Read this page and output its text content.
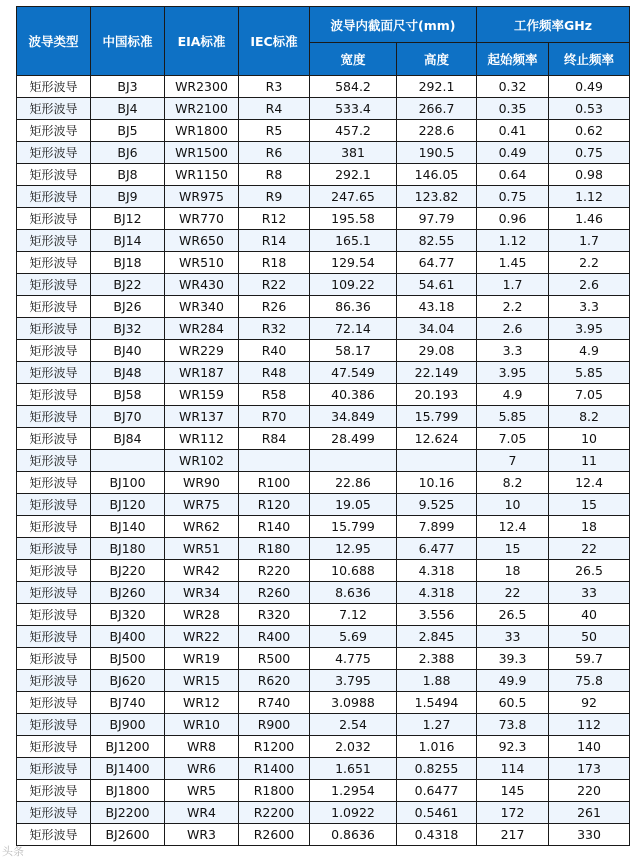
波导类型	中国标准	EIA标准	IEC标准	波导内截面尺寸(mm)		工作频率GHz	
				宽度	高度	起始频率	终止频率
矩形波导	BJ3	WR2300	R3	584.2	292.1	0.32	0.49
矩形波导	BJ4	WR2100	R4	533.4	266.7	0.35	0.53
矩形波导	BJ5	WR1800	R5	457.2	228.6	0.41	0.62
矩形波导	BJ6	WR1500	R6	381	190.5	0.49	0.75
矩形波导	BJ8	WR1150	R8	292.1	146.05	0.64	0.98
矩形波导	BJ9	WR975	R9	247.65	123.82	0.75	1.12
矩形波导	BJ12	WR770	R12	195.58	97.79	0.96	1.46
矩形波导	BJ14	WR650	R14	165.1	82.55	1.12	1.7
矩形波导	BJ18	WR510	R18	129.54	64.77	1.45	2.2
矩形波导	BJ22	WR430	R22	109.22	54.61	1.7	2.6
矩形波导	BJ26	WR340	R26	86.36	43.18	2.2	3.3
矩形波导	BJ32	WR284	R32	72.14	34.04	2.6	3.95
矩形波导	BJ40	WR229	R40	58.17	29.08	3.3	4.9
矩形波导	BJ48	WR187	R48	47.549	22.149	3.95	5.85
矩形波导	BJ58	WR159	R58	40.386	20.193	4.9	7.05
矩形波导	BJ70	WR137	R70	34.849	15.799	5.85	8.2
矩形波导	BJ84	WR112	R84	28.499	12.624	7.05	10
矩形波导		WR102				7	11
矩形波导	BJ100	WR90	R100	22.86	10.16	8.2	12.4
矩形波导	BJ120	WR75	R120	19.05	9.525	10	15
矩形波导	BJ140	WR62	R140	15.799	7.899	12.4	18
矩形波导	BJ180	WR51	R180	12.95	6.477	15	22
矩形波导	BJ220	WR42	R220	10.688	4.318	18	26.5
矩形波导	BJ260	WR34	R260	8.636	4.318	22	33
矩形波导	BJ320	WR28	R320	7.12	3.556	26.5	40
矩形波导	BJ400	WR22	R400	5.69	2.845	33	50
矩形波导	BJ500	WR19	R500	4.775	2.388	39.3	59.7
矩形波导	BJ620	WR15	R620	3.795	1.88	49.9	75.8
矩形波导	BJ740	WR12	R740	3.0988	1.5494	60.5	92
矩形波导	BJ900	WR10	R900	2.54	1.27	73.8	112
矩形波导	BJ1200	WR8	R1200	2.032	1.016	92.3	140
矩形波导	BJ1400	WR6	R1400	1.651	0.8255	114	173
矩形波导	BJ1800	WR5	R1800	1.2954	0.6477	145	220
矩形波导	BJ2200	WR4	R2200	1.0922	0.5461	172	261
矩形波导	BJ2600	WR3	R2600	0.8636	0.4318	217	330
头条
